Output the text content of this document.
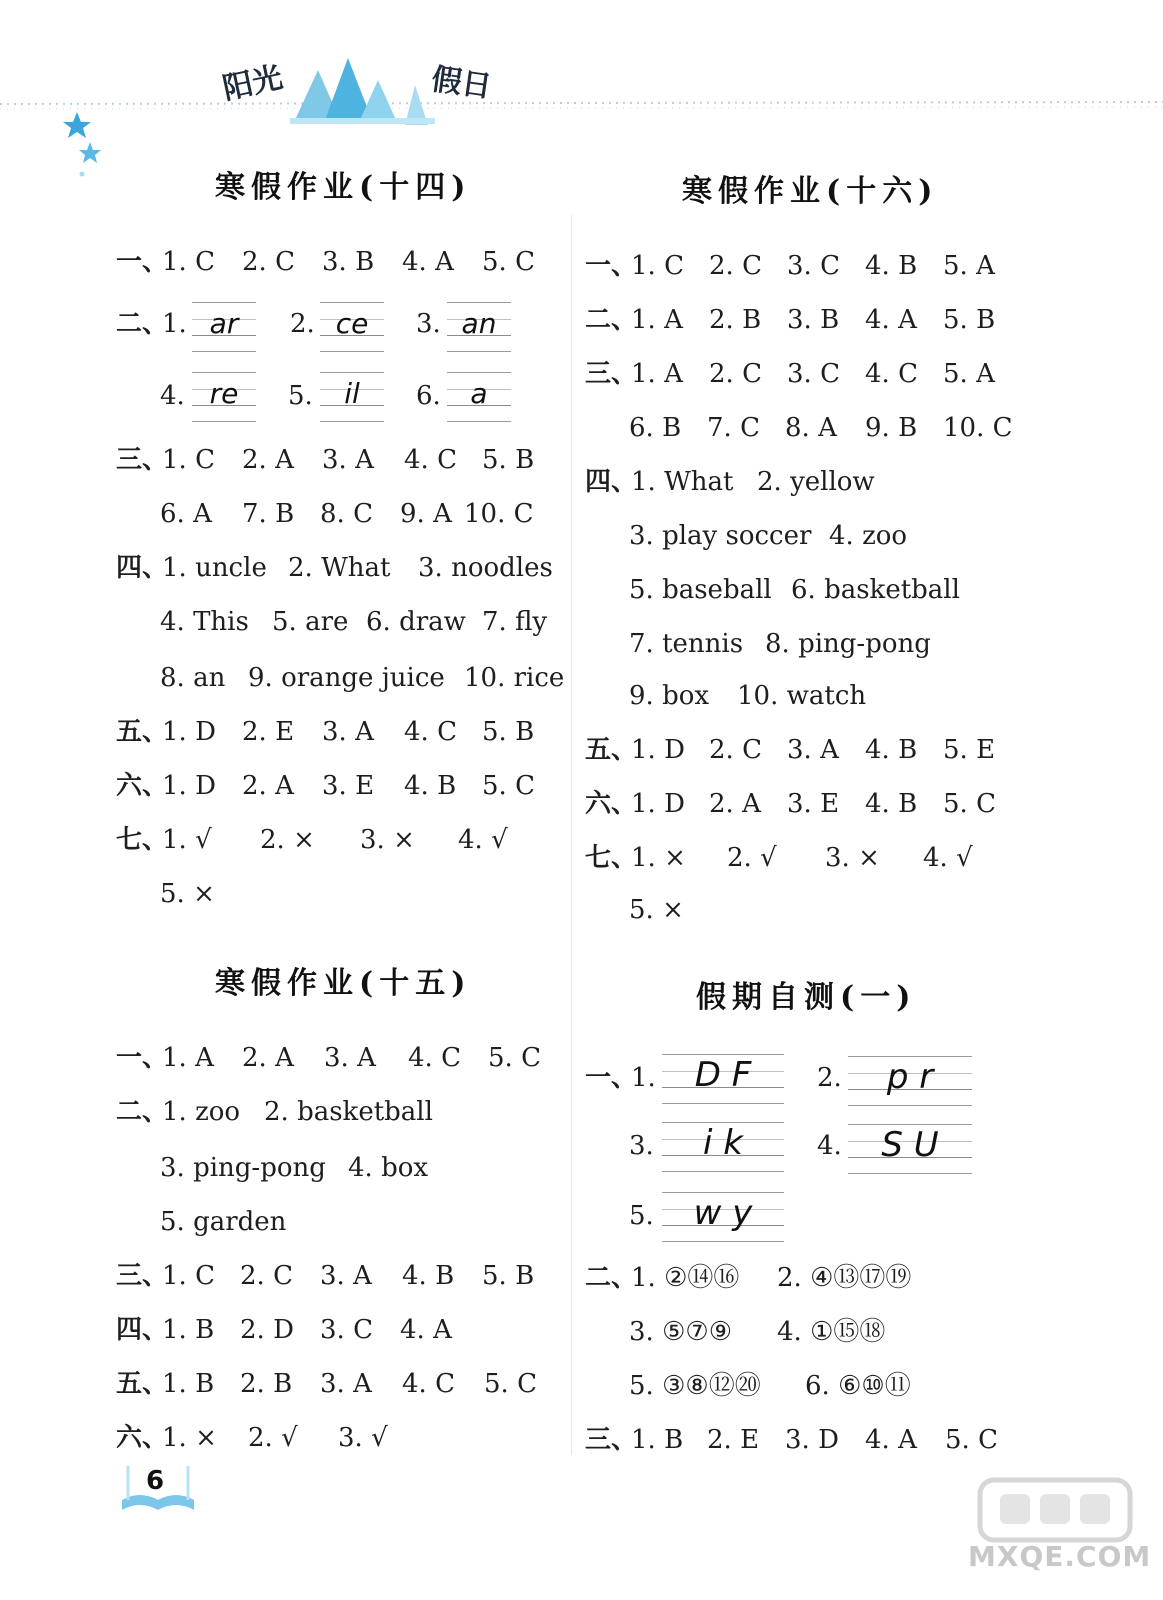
阳光	假日
寒假作业(十四)
一、
1. C 2. C 3. B 4. A 5. C
二、
1.	2.	3.
ar	ce	an
4.	5.	6.
re	il	a
三、
1. C 2. A 3. A 4. C 5. B
6. A 7. B 8. C 9. A 10. C
四、
1. uncle 2. What 3. noodles
4. This 5. are 6. draw 7. fly
8. an 9. orange juice 10. rice
五、
1. D 2. E 3. A 4. C 5. B
六、
1. D 2. A 3. E 4. B 5. C
七、
1. √ 2. × 3. × 4. √
5. ×
寒假作业(十五)
一、
1. A 2. A 3. A 4. C 5. C
二、
1. zoo 2. basketball
3. ping-pong 4. box
5. garden
三、
1. C 2. C 3. A 4. B 5. B
四、
1. B 2. D 3. C 4. A
五、
1. B 2. B 3. A 4. C 5. C
六、
1. × 2. √ 3. √
寒假作业(十六)
一、
1. C 2. C 3. C 4. B 5. A
二、
1. A 2. B 3. B 4. A 5. B
三、
1. A 2. C 3. C 4. C 5. A
6. B 7. C 8. A 9. B 10. C
四、
1. What 2. yellow
3. play soccer 4. zoo
5. baseball 6. basketball
7. tennis 8. ping-pong
9. box 10. watch
五、
1. D 2. C 3. A 4. B 5. E
六、
1. D 2. A 3. E 4. B 5. C
七、
1. × 2. √ 3. × 4. √
5. ×
假期自测(一)
一、
1.	2.
D F	p r
3.	4.
i k	S U
5.	w y
二、
1. ②⑭⑯ 2. ④⑬⑰⑲
3. ⑤⑦⑨ 4. ①⑮⑱
5. ③⑧⑫⑳ 6. ⑥⑩⑪
三、
1. B 2. E 3. D 4. A 5. C
6
MXQE.COM
